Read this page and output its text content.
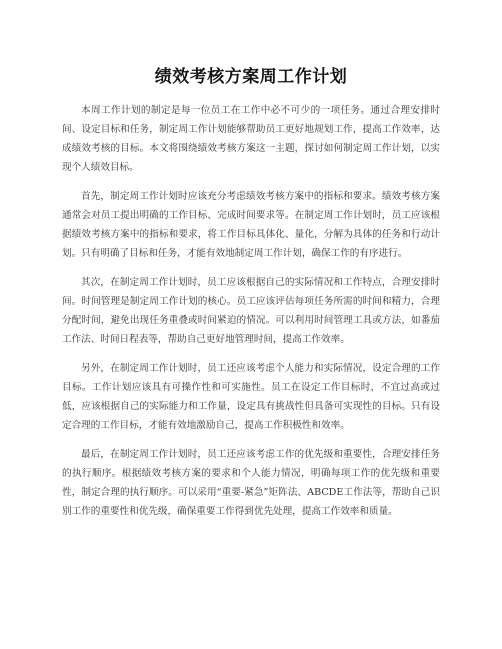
绩效考核方案周工作计划

本周工作计划的制定是每一位员工在工作中必不可少的一项任务。通过合理安排时间、设定目标和任务，制定周工作计划能够帮助员工更好地规划工作，提高工作效率，达成绩效考核的目标。本文将围绕绩效考核方案这一主题，探讨如何制定周工作计划，以实现个人绩效目标。

首先，制定周工作计划时应该充分考虑绩效考核方案中的指标和要求。绩效考核方案通常会对员工提出明确的工作目标、完成时间要求等。在制定周工作计划时，员工应该根据绩效考核方案中的指标和要求，将工作目标具体化、量化，分解为具体的任务和行动计划。只有明确了目标和任务，才能有效地制定周工作计划，确保工作的有序进行。

其次，在制定周工作计划时，员工应该根据自己的实际情况和工作特点，合理安排时间。时间管理是制定周工作计划的核心。员工应该评估每项任务所需的时间和精力，合理分配时间，避免出现任务重叠或时间紧迫的情况。可以利用时间管理工具或方法，如番茄工作法、时间日程表等，帮助自己更好地管理时间，提高工作效率。

另外，在制定周工作计划时，员工还应该考虑个人能力和实际情况，设定合理的工作目标。工作计划应该具有可操作性和可实施性。员工在设定工作目标时，不宜过高或过低，应该根据自己的实际能力和工作量，设定具有挑战性但具备可实现性的目标。只有设定合理的工作目标，才能有效地激励自己，提高工作积极性和效率。

最后，在制定周工作计划时，员工还应该考虑工作的优先级和重要性，合理安排任务的执行顺序。根据绩效考核方案的要求和个人能力情况，明确每项工作的优先级和重要性，制定合理的执行顺序。可以采用“重要-紧急”矩阵法、ABCDE工作法等，帮助自己识别工作的重要性和优先级，确保重要工作得到优先处理，提高工作效率和质量。
